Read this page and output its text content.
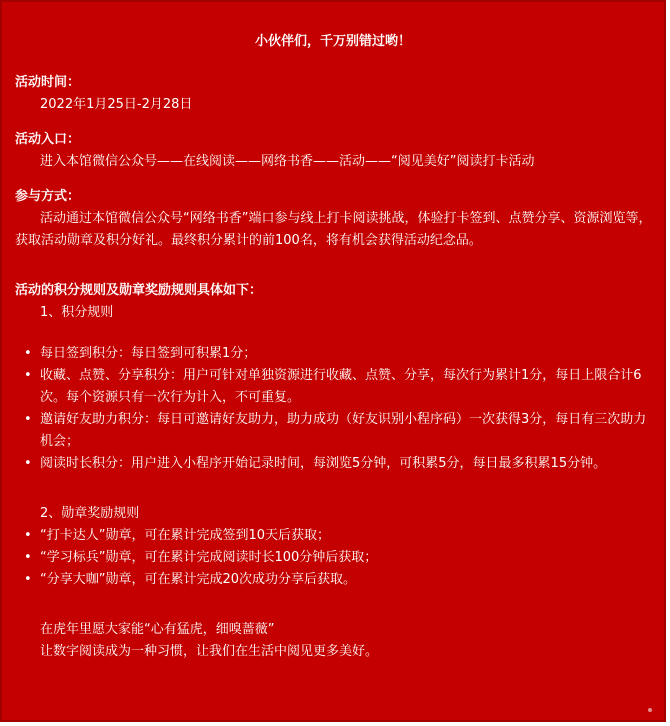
小伙伴们，千万别错过哟！
活动时间：
2022年1月25日-2月28日
活动入口：
进入本馆微信公众号——在线阅读——网络书香——活动——“阅见美好”阅读打卡活动
参与方式：
活动通过本馆微信公众号“网络书香”端口参与线上打卡阅读挑战，体验打卡签到、点赞分享、资源浏览等，获取活动勋章及积分好礼。最终积分累计的前100名，将有机会获得活动纪念品。
活动的积分规则及勋章奖励规则具体如下：
1、积分规则
• 每日签到积分：每日签到可积累1分；
• 收藏、点赞、分享积分：用户可针对单独资源进行收藏、点赞、分享，每次行为累计1分，每日上限合计6次。每个资源只有一次行为计入，不可重复。
• 邀请好友助力积分：每日可邀请好友助力，助力成功（好友识别小程序码）一次获得3分，每日有三次助力机会；
• 阅读时长积分：用户进入小程序开始记录时间，每浏览5分钟，可积累5分，每日最多积累15分钟。
2、勋章奖励规则
• “打卡达人”勋章，可在累计完成签到10天后获取；
• “学习标兵”勋章，可在累计完成阅读时长100分钟后获取；
• “分享大咖”勋章，可在累计完成20次成功分享后获取。
在虎年里愿大家能“心有猛虎，细嗅蔷薇”
让数字阅读成为一种习惯，让我们在生活中阅见更多美好。
